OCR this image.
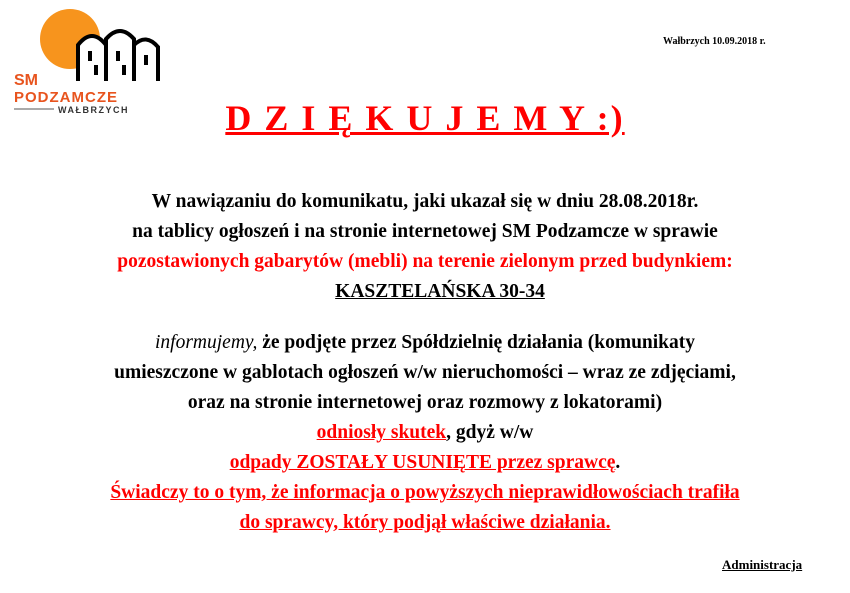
SM
PODZAMCZE
WAŁBRZYCH
Wałbrzych 10.09.2018 r.
D Z I Ę K U J E M Y :)
W nawiązaniu do komunikatu, jaki ukazał się w dniu 28.08.2018r.
na tablicy ogłoszeń i na stronie internetowej SM Podzamcze w sprawie
pozostawionych gabarytów (mebli) na terenie zielonym przed budynkiem:
KASZTELAŃSKA 30-34
informujemy, że podjęte przez Spółdzielnię działania (komunikaty
umieszczone w gablotach ogłoszeń w/w nieruchomości – wraz ze zdjęciami,
oraz na stronie internetowej oraz rozmowy z lokatorami)
odniosły skutek, gdyż w/w
odpady ZOSTAŁY USUNIĘTE przez sprawcę.
Świadczy to o tym, że informacja o powyższych nieprawidłowościach trafiła
do sprawcy, który podjął właściwe działania.
Administracja
